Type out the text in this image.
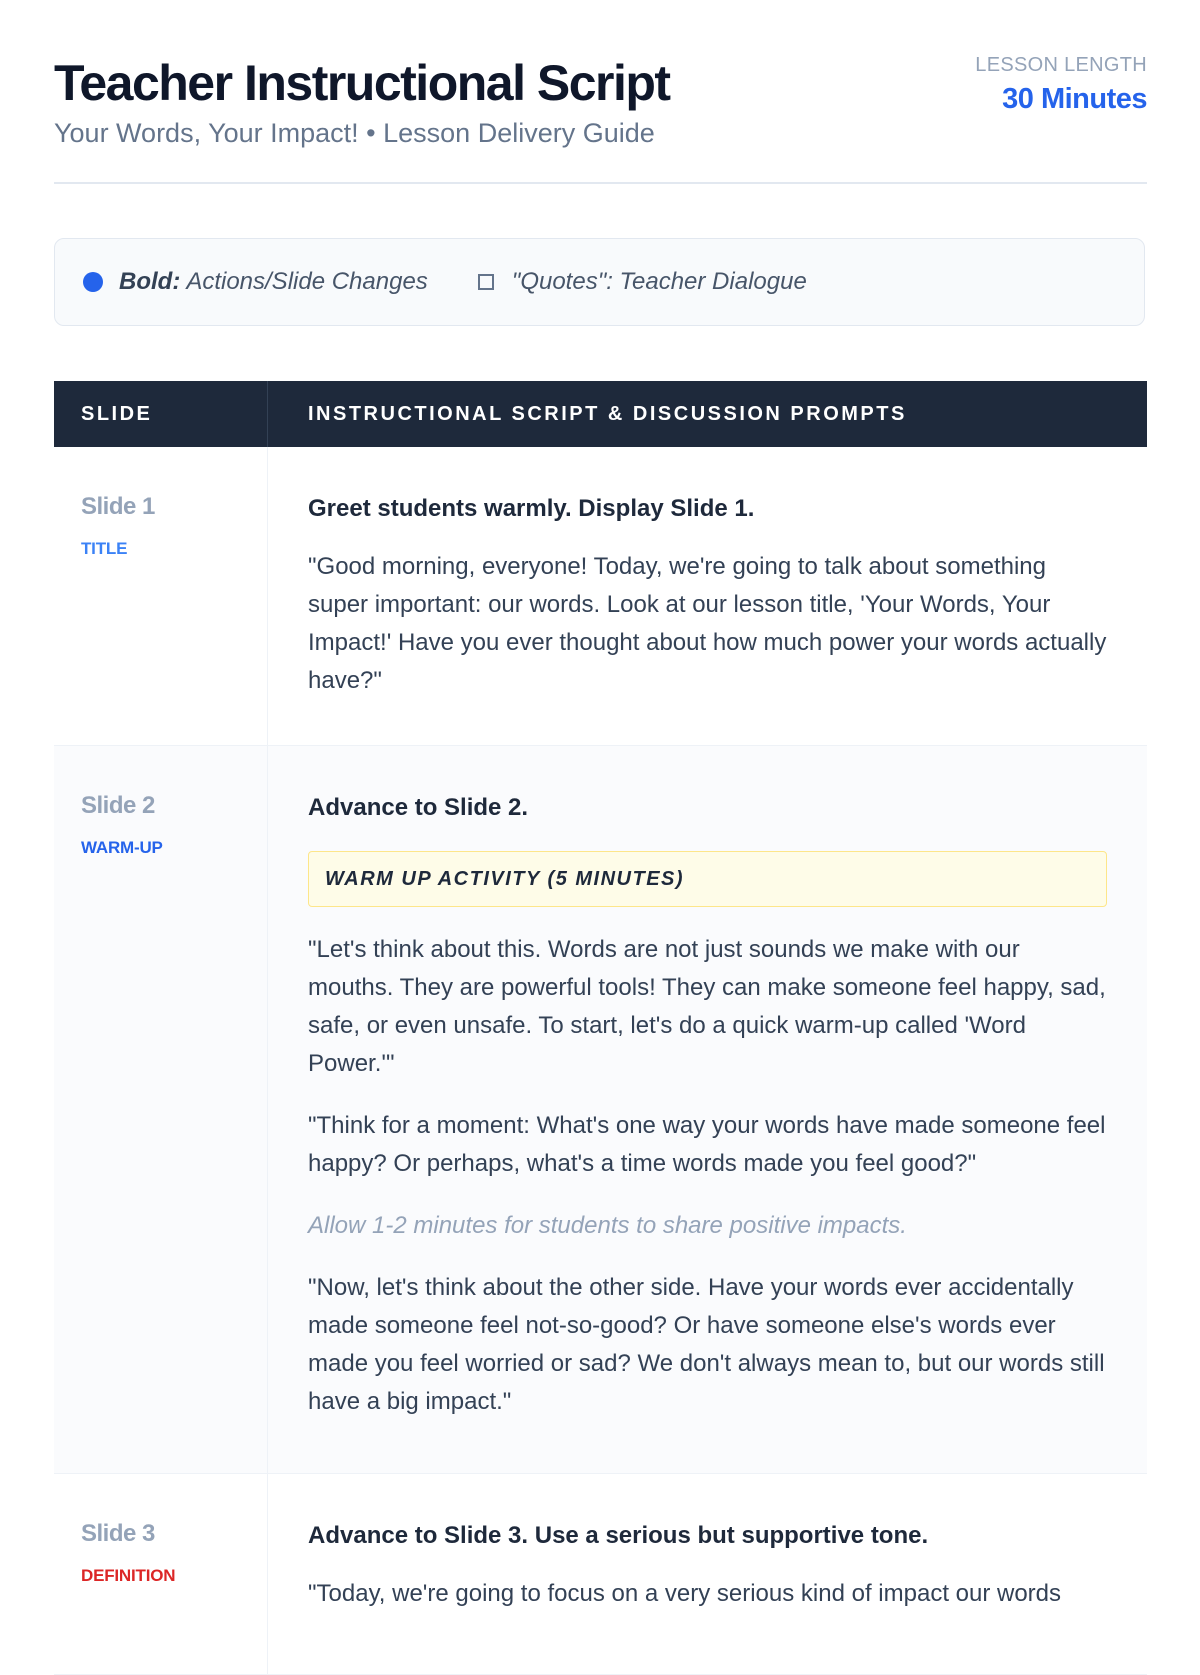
Teacher Instructional Script
Your Words, Your Impact! • Lesson Delivery Guide
LESSON LENGTH
30 Minutes
Bold: Actions/Slide Changes	"Quotes": Teacher Dialogue
SLIDE	INSTRUCTIONAL SCRIPT & DISCUSSION PROMPTS
Slide 1
TITLE

Greet students warmly. Display Slide 1.

"Good morning, everyone! Today, we're going to talk about something super important: our words. Look at our lesson title, 'Your Words, Your Impact!' Have you ever thought about how much power your words actually have?"

Slide 2
WARM-UP

Advance to Slide 2.

WARM UP ACTIVITY (5 MINUTES)

"Let's think about this. Words are not just sounds we make with our mouths. They are powerful tools! They can make someone feel happy, sad, safe, or even unsafe. To start, let's do a quick warm-up called 'Word Power.'"

"Think for a moment: What's one way your words have made someone feel happy? Or perhaps, what's a time words made you feel good?"

Allow 1-2 minutes for students to share positive impacts.

"Now, let's think about the other side. Have your words ever accidentally made someone feel not-so-good? Or have someone else's words ever made you feel worried or sad? We don't always mean to, but our words still have a big impact."

Slide 3
DEFINITION

Advance to Slide 3. Use a serious but supportive tone.

"Today, we're going to focus on a very serious kind of impact our words
